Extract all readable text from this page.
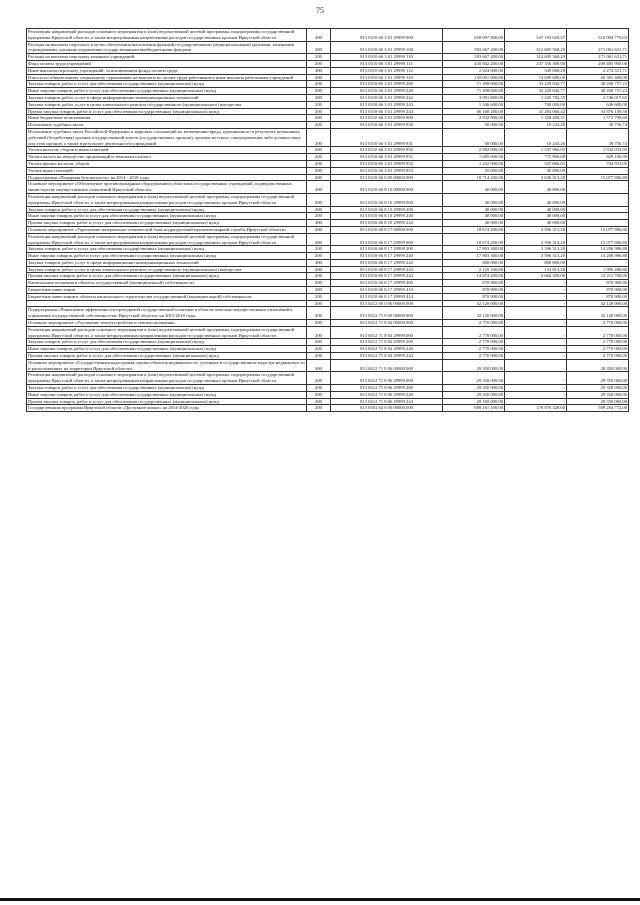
75
Реализация направлений расходов основного мероприятия и (или) ведомственной целевой программы, подпрограммы государственной программы Иркутской области, а также непрограммным направлениям расходов государственных органов Иркутской области	200	813 0310 66 3 01 29999 000	658 097 800,00	347 193 020,37	310 904 779,63
Расходы на выплаты персоналу в целях обеспечения выполнения функций государственными (муниципальными) органами, казенными учреждениями, органами управления государственными внебюджетными фондами	200	813 0310 66 3 01 29999 100	583 667 200,00	312 605 568,29	271 061 631,71
Расходы на выплаты персоналу казенных учреждений	200	813 0310 66 3 01 29999 110	583 667 200,00	312 605 568,29	271 061 631,71
Фонд оплаты труда учреждений	200	813 0310 66 3 01 29999 111	445 842 200,00	237 356 300,00	208 485 900,00
Иные выплаты персоналу учреждений, за исключением фонда оплаты труда	200	813 0310 66 3 01 29999 112	2 824 000,00	549 668,29	2 274 331,71
Взносы по обязательному социальному страхованию на выплаты по оплате труда работников и иные выплаты работникам учреждений	200	813 0310 66 3 01 29999 119	135 001 000,00	74 699 600,00	60 301 400,00
Закупка товаров, работ и услуг для обеспечения государственных (муниципальных) нужд	200	813 0310 66 3 01 29999 200	71 498 600,00	33 229 842,77	38 268 757,23
Иные закупки товаров, работ и услуг для обеспечения государственных (муниципальных) нужд	200	813 0310 66 3 01 29999 240	71 498 600,00	33 229 842,77	38 268 757,23
Закупка товаров, работ, услуг в сфере информационно-коммуникационных технологий	200	813 0310 66 3 01 29999 242	3 991 800,00	1 245 782,35	2 746 017,65
Закупка товаров, работ, услуг в целях капитального ремонта государственного (муниципального) имущества	200	813 0310 66 3 01 29999 243	1 346 600,00	700 000,00	646 600,00
Прочая закупка товаров, работ и услуг для обеспечения государственных (муниципальных) нужд	200	813 0310 66 3 01 29999 244	66 160 200,00	31 284 060,42	34 876 139,58
Иные бюджетные ассигнования	200	813 0310 66 3 01 29999 800	2 932 000,00	1 358 209,31	1 573 790,69
Исполнение судебных актов	200	813 0310 66 3 01 29999 830	50 000,00	10 243,26	39 756,74
Исполнение судебных актов Российской Федерации и мировых соглашений по возмещению вреда, причиненного в результате незаконных действий (бездействия) органов государственной власти (государственных органов), органов местного самоуправления либо должностных лиц этих органов, а также в результате деятельности учреждений	200	813 0310 66 3 01 29999 831	50 000,00	10 243,26	39 756,74
Уплата налогов, сборов и иных платежей	200	813 0310 66 3 01 29999 850	2 882 000,00	1 347 966,05	1 534 033,95
Уплата налога на имущество организаций и земельного налога	200	813 0310 66 3 01 29999 851	1 605 000,00	775 900,00	829 100,00
Уплата прочих налогов, сборов	200	813 0310 66 3 01 29999 852	1 232 000,00	527 066,05	704 933,95
Уплата иных платежей	200	813 0310 66 3 01 29999 853	45 000,00	45 000,00	-
Подпрограмма «Пожарная безопасность» на 2014 - 2018 годы	200	813 0310 66 8 00 00000 000	18 714 200,00	3 636 313,20	15 077 886,80
Основное мероприятие «Обеспечение противопожарным оборудованием областных государственных учреждений, подведомственных министерству имущественных отношений Иркутской области»	200	813 0310 66 8 10 00000 000	40 000,00	40 000,00	-
Реализация направлений расходов основного мероприятия и (или) ведомственной целевой программы, подпрограммы государственной программы Иркутской области, а также непрограммным направлениям расходов государственных органов Иркутской области	200	813 0310 66 8 10 29999 000	40 000,00	40 000,00	-
Закупка товаров, работ и услуг для обеспечения государственных (муниципальных) нужд	200	813 0310 66 8 10 29999 200	40 000,00	40 000,00	-
Иные закупки товаров, работ и услуг для обеспечения государственных (муниципальных) нужд	200	813 0310 66 8 10 29999 240	40 000,00	40 000,00	-
Прочая закупка товаров, работ и услуг для обеспечения государственных (муниципальных) нужд	200	813 0310 66 8 10 29999 244	40 000,00	40 000,00	-
Основное мероприятие «Укрепление материально-технической базы подразделений противопожарной службы Иркутской области»	200	813 0310 66 8 17 00000 000	18 674 200,00	3 596 313,20	15 077 886,80
Реализация направлений расходов основного мероприятия и (или) ведомственной целевой программы, подпрограммы государственной программы Иркутской области, а также непрограммным направлениям расходов государственных органов Иркутской области	200	813 0310 66 8 17 29999 000	18 674 200,00	3 596 313,20	15 077 886,80
Закупка товаров, работ и услуг для обеспечения государственных (муниципальных) нужд	200	813 0310 66 8 17 29999 200	17 803 300,00	3 596 313,20	14 206 986,80
Иные закупки товаров, работ и услуг для обеспечения государственных (муниципальных) нужд	200	813 0310 66 8 17 29999 240	17 803 300,00	3 596 313,20	14 206 986,80
Закупка товаров, работ, услуг в сфере информационно-коммуникационных технологий	200	813 0310 66 8 17 29999 242	800 000,00	800 000,00	-
Закупка товаров, работ, услуг в целях капитального ремонта государственного (муниципального) имущества	200	813 0310 66 8 17 29999 243	2 129 100,00	133 813,20	1 995 286,80
Прочая закупка товаров, работ и услуг для обеспечения государственных (муниципальных) нужд	200	813 0310 66 8 17 29999 244	14 874 200,00	2 662 500,00	12 211 700,00
Капитальные вложения в объекты государственной (муниципальной) собственности	200	813 0310 66 8 17 29999 400	870 900,00	-	870 900,00
Бюджетные инвестиции	200	813 0310 66 8 17 29999 410	870 900,00	-	870 900,00
Бюджетные инвестиции в объекты капитального строительства государственной (муниципальной) собственности	200	813 0310 66 8 17 29999 414	870 900,00	-	870 900,00
	200	813 0412 00 0 00 00000 000	32 120 000,00	-	32 120 000,00
Подпрограмма «Повышение эффективности проводимой государственной политики в области земельно-имущественных отношений и управления государственной собственностью Иркутской области» на 2015-2018 годы	200	813 0412 71 8 00 00000 000	32 120 000,00	-	32 120 000,00
Основное мероприятие «Улучшение землеустройства и землепользования»	200	813 0412 71 8 02 00000 000	2 770 000,00	-	2 770 000,00
Реализация направлений расходов основного мероприятия и (или) ведомственной целевой программы, подпрограммы государственной программы Иркутской области, а также непрограммным направлениям расходов государственных органов Иркутской области	200	813 0412 71 8 02 29999 000	2 770 000,00	-	2 770 000,00
Закупка товаров, работ и услуг для обеспечения государственных (муниципальных) нужд	200	813 0412 71 8 02 29999 200	2 770 000,00	-	2 770 000,00
Иные закупки товаров, работ и услуг для обеспечения государственных (муниципальных) нужд	200	813 0412 71 8 02 29999 240	2 770 000,00	-	2 770 000,00
Прочая закупка товаров, работ и услуг для обеспечения государственных (муниципальных) нужд	200	813 0412 71 8 02 29999 244	2 770 000,00	-	2 770 000,00
Основное мероприятие «Государственная кадастровая оценка объектов недвижимости, учтенных в государственном кадастре недвижимости и расположенных на территории Иркутской области»	200	813 0412 71 8 06 00000 000	29 350 000,00	-	29 350 000,00
Реализация направлений расходов основного мероприятия и (или) ведомственной целевой программы, подпрограммы государственной программы Иркутской области, а также непрограммным направлениям расходов государственных органов Иркутской области	200	813 0412 71 8 06 29999 000	29 350 000,00	-	29 350 000,00
Закупка товаров, работ и услуг для обеспечения государственных (муниципальных) нужд	200	813 0412 71 8 06 29999 200	29 350 000,00	-	29 350 000,00
Иные закупки товаров, работ и услуг для обеспечения государственных (муниципальных) нужд	200	813 0412 71 8 06 29999 240	29 350 000,00	-	29 350 000,00
Прочая закупка товаров, работ и услуг для обеспечения государственных (муниципальных) нужд	200	813 0412 71 8 06 29999 244	29 350 000,00	-	29 350 000,00
Государственная программа Иркутской области «Доступное жилье» на 2014-2020 годы	200	813 0501 64 0 00 00000 000	688 161 100,00	178 876 328,00	509 284 772,00
